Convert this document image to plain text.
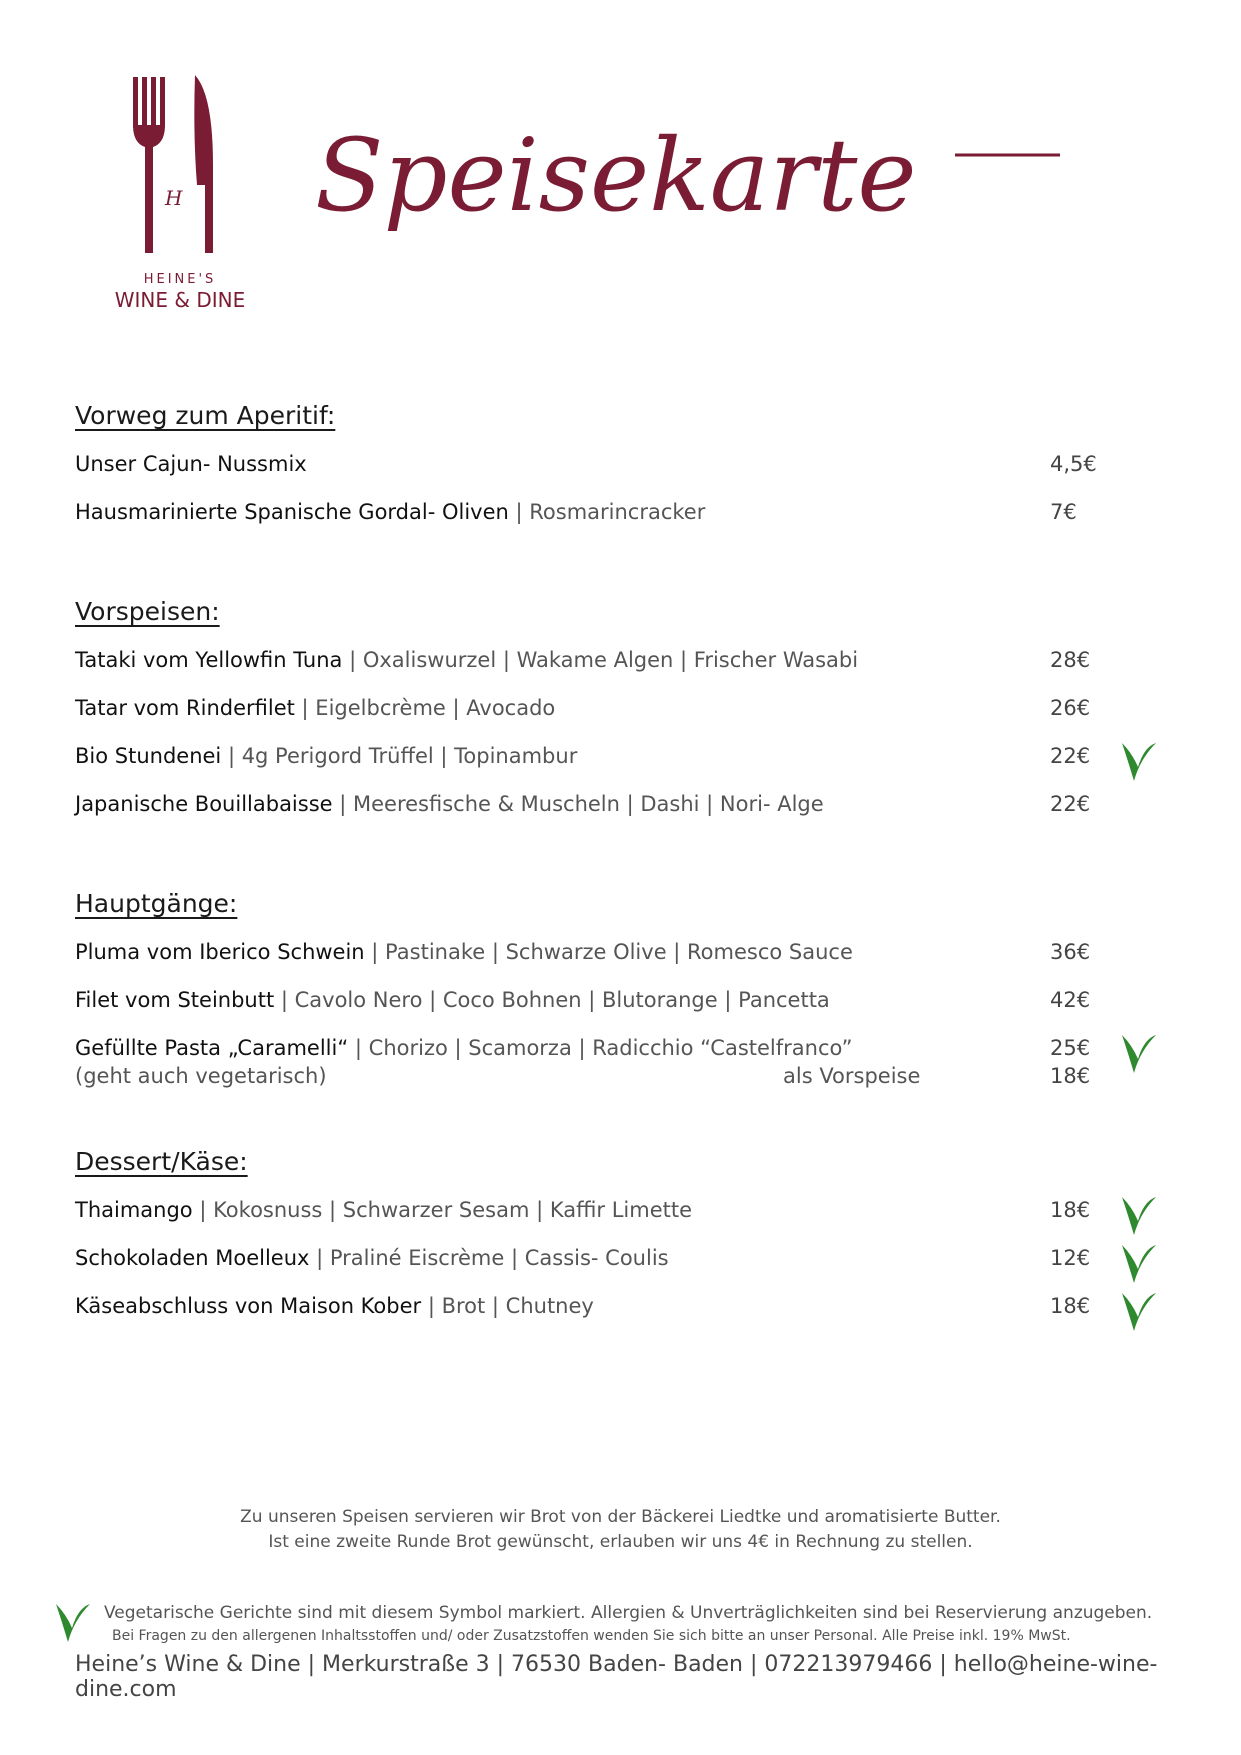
H
HEINE'S
WINE & DINE
Speisekarte
Vorweg zum Aperitif:
Unser Cajun- Nussmix	4,5€
Hausmarinierte Spanische Gordal- Oliven | Rosmarincracker	7€
Vorspeisen:
Tataki vom Yellowfin Tuna | Oxaliswurzel | Wakame Algen | Frischer Wasabi	28€
Tatar vom Rinderfilet | Eigelbcrème | Avocado	26€
Bio Stundenei | 4g Perigord Trüffel | Topinambur	22€
Japanische Bouillabaisse | Meeresfische & Muscheln | Dashi | Nori- Alge	22€
Hauptgänge:
Pluma vom Iberico Schwein | Pastinake | Schwarze Olive | Romesco Sauce	36€
Filet vom Steinbutt | Cavolo Nero | Coco Bohnen | Blutorange | Pancetta	42€
Gefüllte Pasta „Caramelli“ | Chorizo | Scamorza | Radicchio “Castelfranco”	25€
(geht auch vegetarisch)	als Vorspeise	18€
Dessert/Käse:
Thaimango | Kokosnuss | Schwarzer Sesam | Kaffir Limette	18€
Schokoladen Moelleux | Praliné Eiscrème | Cassis- Coulis	12€
Käseabschluss von Maison Kober | Brot | Chutney	18€
Zu unseren Speisen servieren wir Brot von der Bäckerei Liedtke und aromatisierte Butter.
Ist eine zweite Runde Brot gewünscht, erlauben wir uns 4€ in Rechnung zu stellen.
Vegetarische Gerichte sind mit diesem Symbol markiert. Allergien & Unverträglichkeiten sind bei Reservierung anzugeben.
Bei Fragen zu den allergenen Inhaltsstoffen und/ oder Zusatzstoffen wenden Sie sich bitte an unser Personal. Alle Preise inkl. 19% MwSt.
Heine’s Wine & Dine | Merkurstraße 3 | 76530 Baden- Baden | 072213979466 | hello@heine-wine-dine.com
